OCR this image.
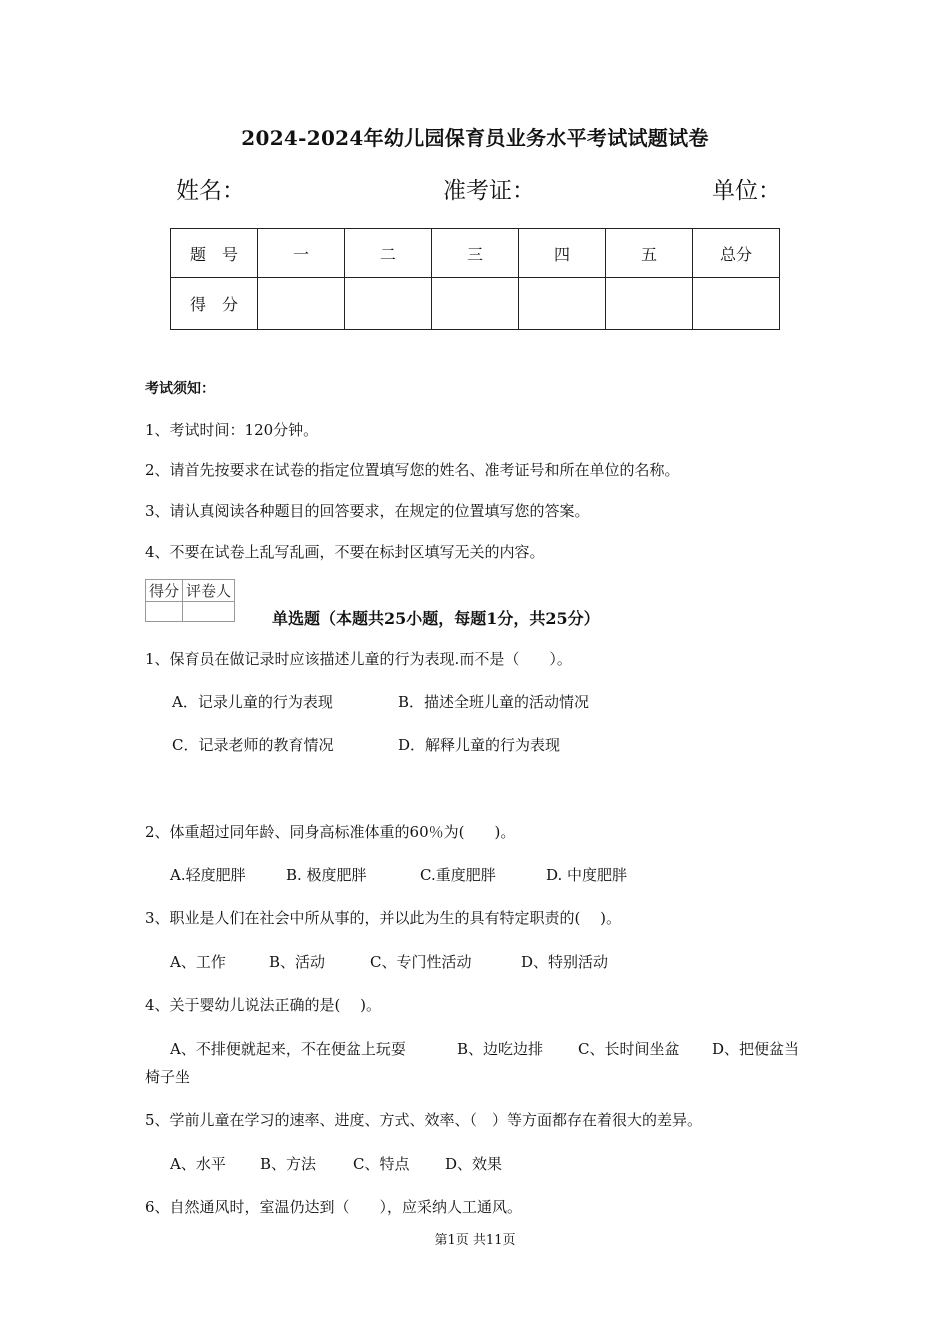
2024-2024年幼儿园保育员业务水平考试试题试卷
姓名：	准考证：	单位：
题　号	一	二	三	四	五	总分
得　分						
考试须知：
1、考试时间：120分钟。
2、请首先按要求在试卷的指定位置填写您的姓名、准考证号和所在单位的名称。
3、请认真阅读各种题目的回答要求，在规定的位置填写您的答案。
4、不要在试卷上乱写乱画，不要在标封区填写无关的内容。
得分	评卷人

单选题（本题共25小题，每题1分，共25分）
1、保育员在做记录时应该描述儿童的行为表现.而不是（　　）。
A．记录儿童的行为表现	B．描述全班儿童的活动情况
C．记录老师的教育情况	D．解释儿童的行为表现
2、体重超过同年龄、同身高标准体重的60％为(　　)。
A.轻度肥胖	B. 极度肥胖	C.重度肥胖	D. 中度肥胖
3、职业是人们在社会中所从事的，并以此为生的具有特定职责的(　 )。
A、工作	B、活动	C、专门性活动	D、特别活动
4、关于婴幼儿说法正确的是(　 )。
A、不排便就起来，不在便盆上玩耍	B、边吃边排 C、长时间坐盆 D、把便盆当
椅子坐
5、学前儿童在学习的速率、进度、方式、效率、（　）等方面都存在着很大的差异。
A、水平 B、方法 C、特点 D、效果
6、自然通风时，室温仍达到（　　），应采纳人工通风。
第1页 共11页
